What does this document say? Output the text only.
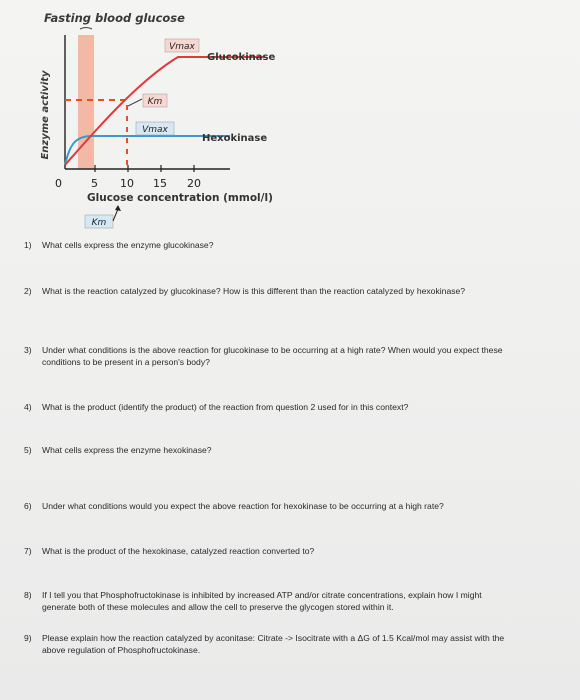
Fasting blood glucose
Enzyme activity
Vmax
Glucokinase
Km
Vmax
Hexokinase
0	5 10 15 20
Glucose concentration (mmol/l)
Km
1) What cells express the enzyme glucokinase?
2) What is the reaction catalyzed by glucokinase? How is this different than the reaction catalyzed by hexokinase?
3) Under what conditions is the above reaction for glucokinase to be occurring at a high rate? When would you expect these conditions to be present in a person's body?
4) What is the product (identify the product) of the reaction from question 2 used for in this context?
5) What cells express the enzyme hexokinase?
6) Under what conditions would you expect the above reaction for hexokinase to be occurring at a high rate?
7) What is the product of the hexokinase, catalyzed reaction converted to?
8) If I tell you that Phosphofructokinase is inhibited by increased ATP and/or citrate concentrations, explain how I might generate both of these molecules and allow the cell to preserve the glycogen stored within it.
9) Please explain how the reaction catalyzed by aconitase: Citrate -> Isocitrate with a ΔG of 1.5 Kcal/mol may assist with the above regulation of Phosphofructokinase.
